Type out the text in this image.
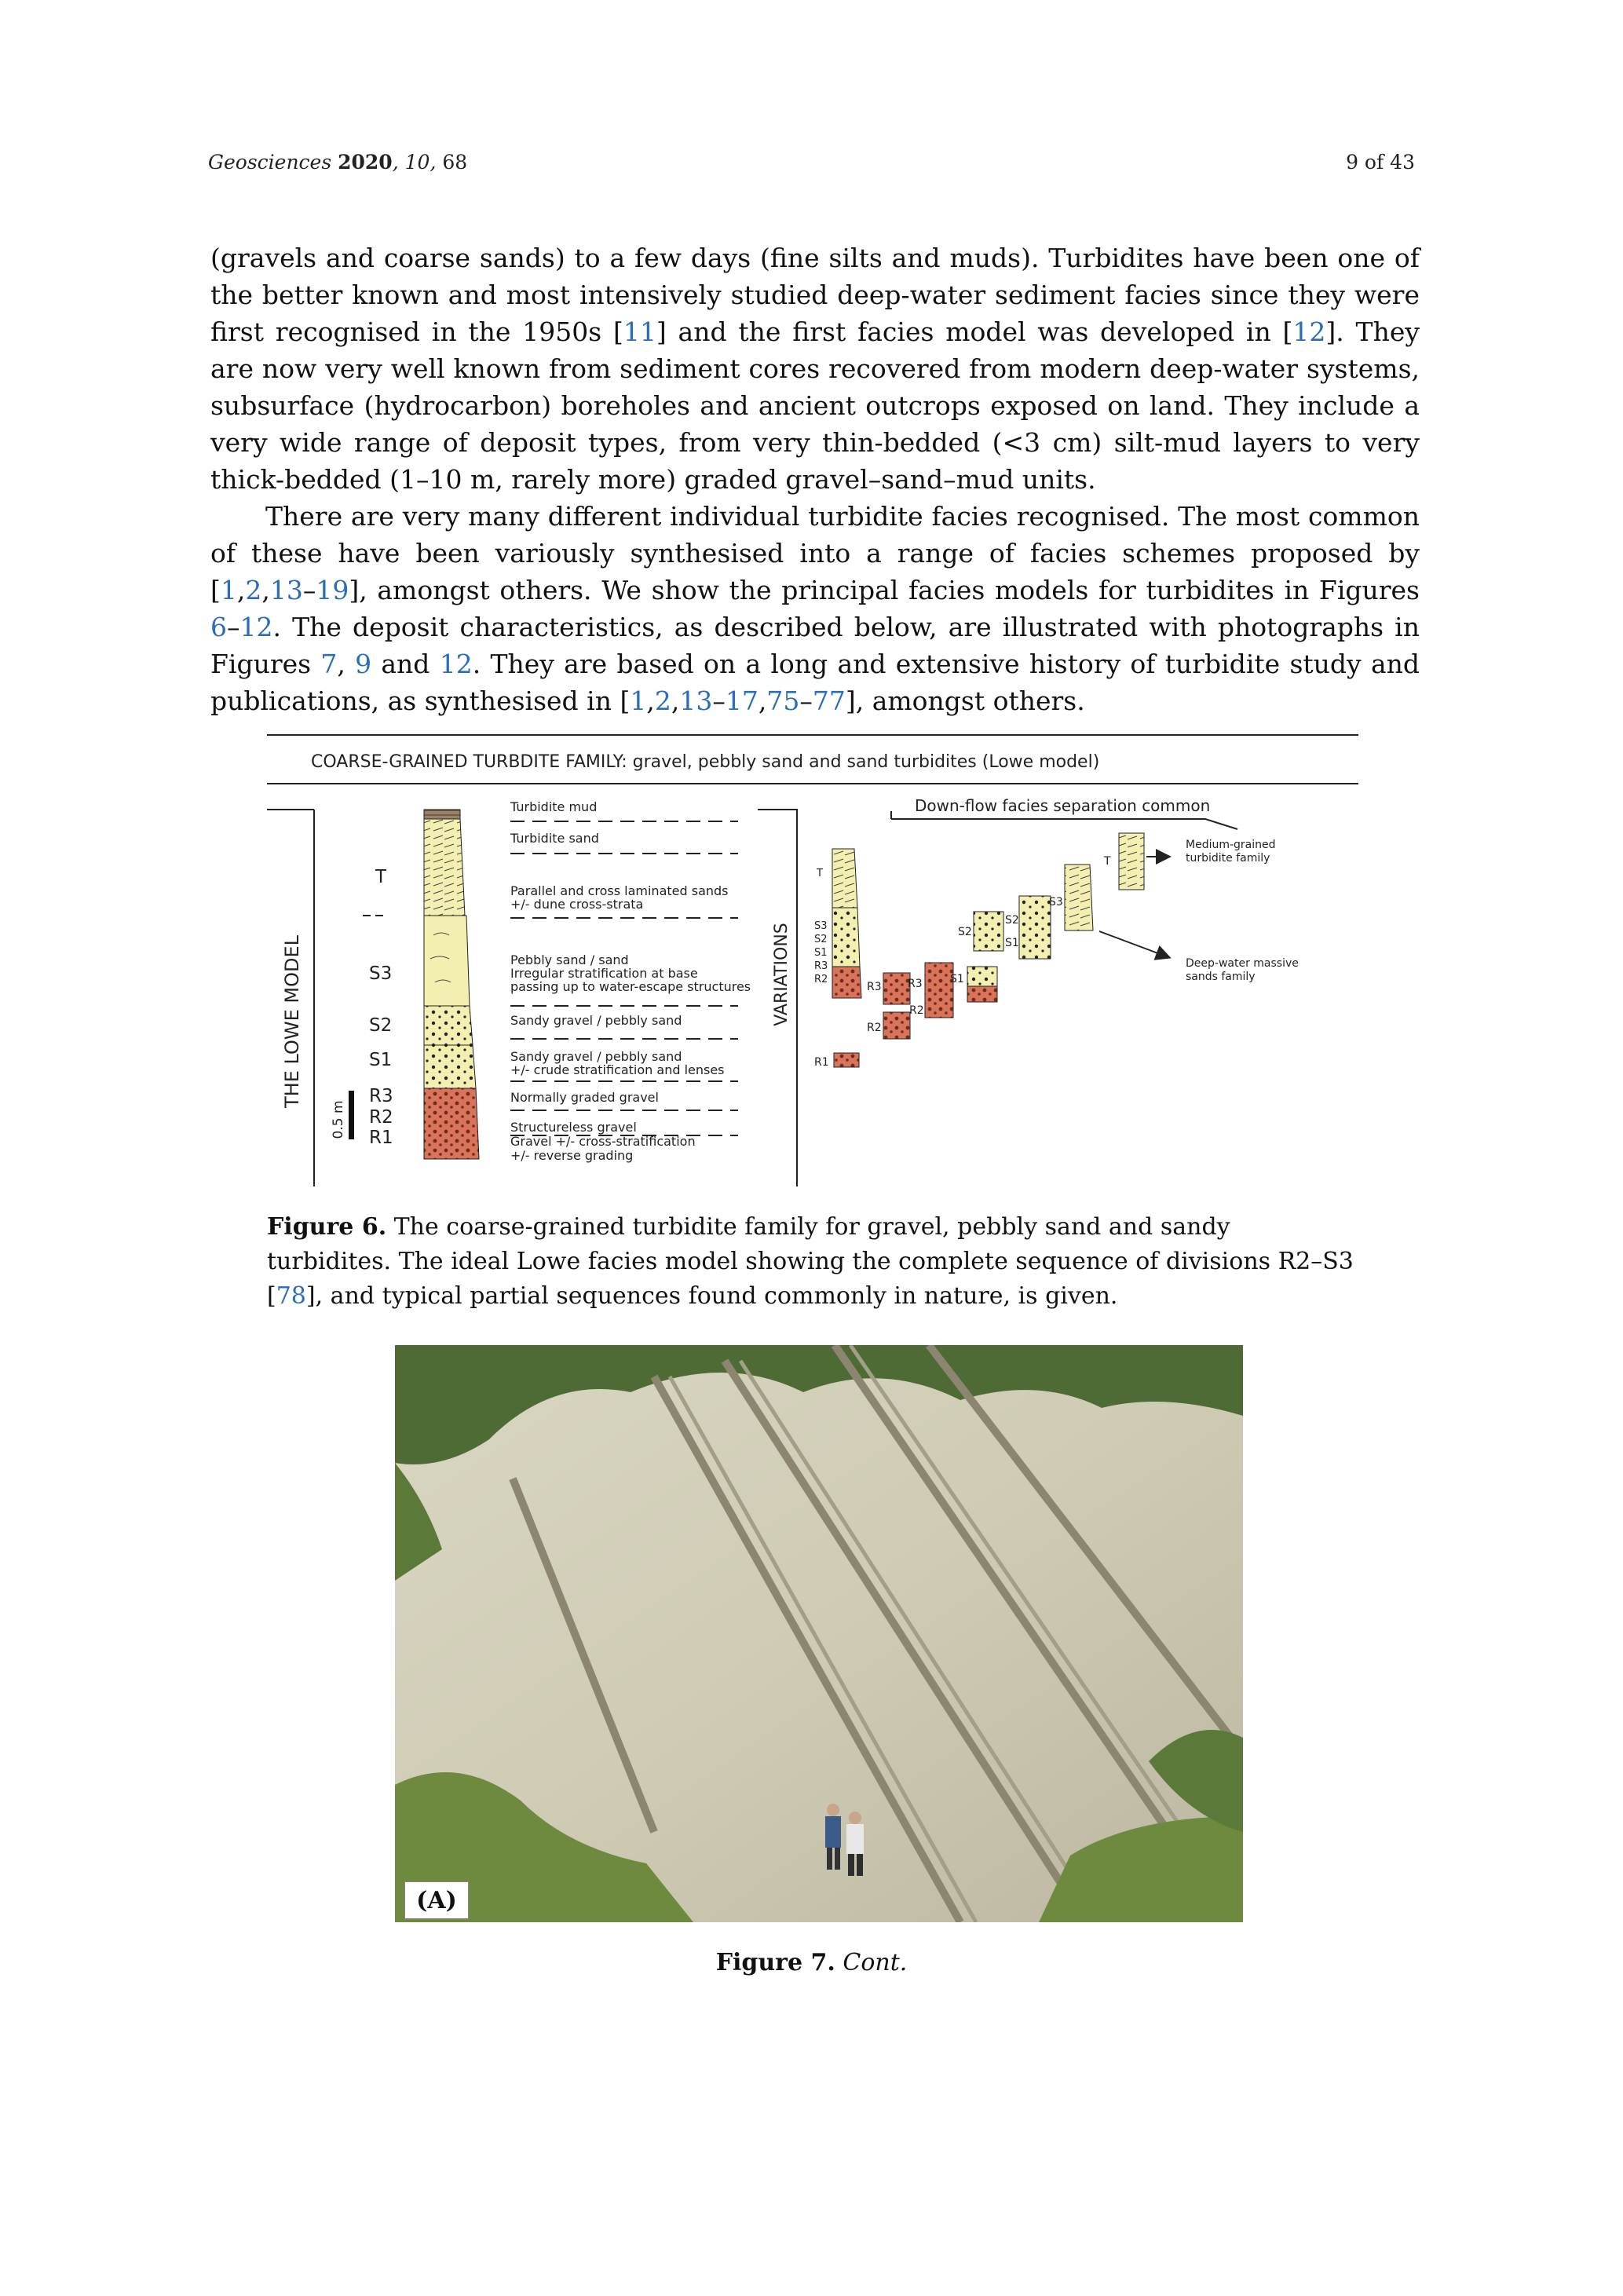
Geosciences 2020, 10, 68	9 of 43

(gravels and coarse sands) to a few days (fine silts and muds). Turbidites have been one of the better known and most intensively studied deep-water sediment facies since they were first recognised in the 1950s [11] and the first facies model was developed in [12]. They are now very well known from sediment cores recovered from modern deep-water systems, subsurface (hydrocarbon) boreholes and ancient outcrops exposed on land. They include a very wide range of deposit types, from very thin-bedded (<3 cm) silt-mud layers to very thick-bedded (1–10 m, rarely more) graded gravel–sand–mud units.

There are very many different individual turbidite facies recognised. The most common of these have been variously synthesised into a range of facies schemes proposed by [1,2,13–19], amongst others. We show the principal facies models for turbidites in Figures 6–12. The deposit characteristics, as described below, are illustrated with photographs in Figures 7, 9 and 12. They are based on a long and extensive history of turbidite study and publications, as synthesised in [1,2,13–17,75–77], amongst others.

COARSE-GRAINED TURBDITE FAMILY: gravel, pebbly sand and sand turbidites (Lowe model)
THE LOWE MODEL
T
S3
S2
S1
R3
R2
R1
0.5 m
Turbidite mud
Turbidite sand
Parallel and cross laminated sands
+/- dune cross-strata
Pebbly sand / sand
Irregular stratification at base
passing up to water-escape structures
Sandy gravel / pebbly sand
Sandy gravel / pebbly sand
+/- crude stratification and lenses
Normally graded gravel
Structureless gravel
Gravel +/- cross-stratification
+/- reverse grading
VARIATIONS
Down-flow facies separation common
T
S3
S2
S1
R3
R2
R1
R3
R2
R3
R2
S1
S2
S2
S1
S3
T
Medium-grained
turbidite family
Deep-water massive
sands family
Figure 6. The coarse-grained turbidite family for gravel, pebbly sand and sandy turbidites. The ideal Lowe facies model showing the complete sequence of divisions R2–S3 [78], and typical partial sequences found commonly in nature, is given.
(A)
Figure 7. Cont.
